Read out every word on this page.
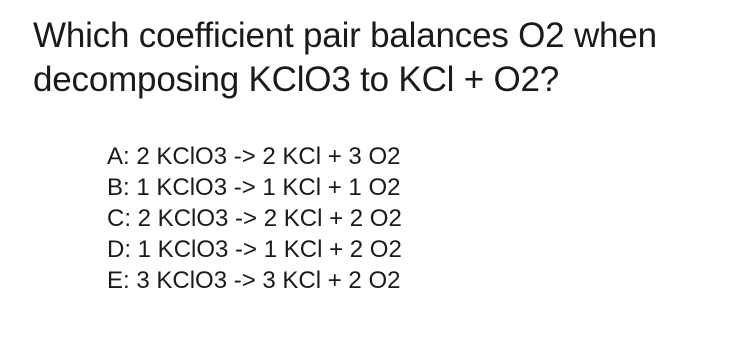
Which coefficient pair balances O2 when
decomposing KClO3 to KCl + O2?
A: 2 KClO3 -> 2 KCl + 3 O2
B: 1 KClO3 -> 1 KCl + 1 O2
C: 2 KClO3 -> 2 KCl + 2 O2
D: 1 KClO3 -> 1 KCl + 2 O2
E: 3 KClO3 -> 3 KCl + 2 O2
